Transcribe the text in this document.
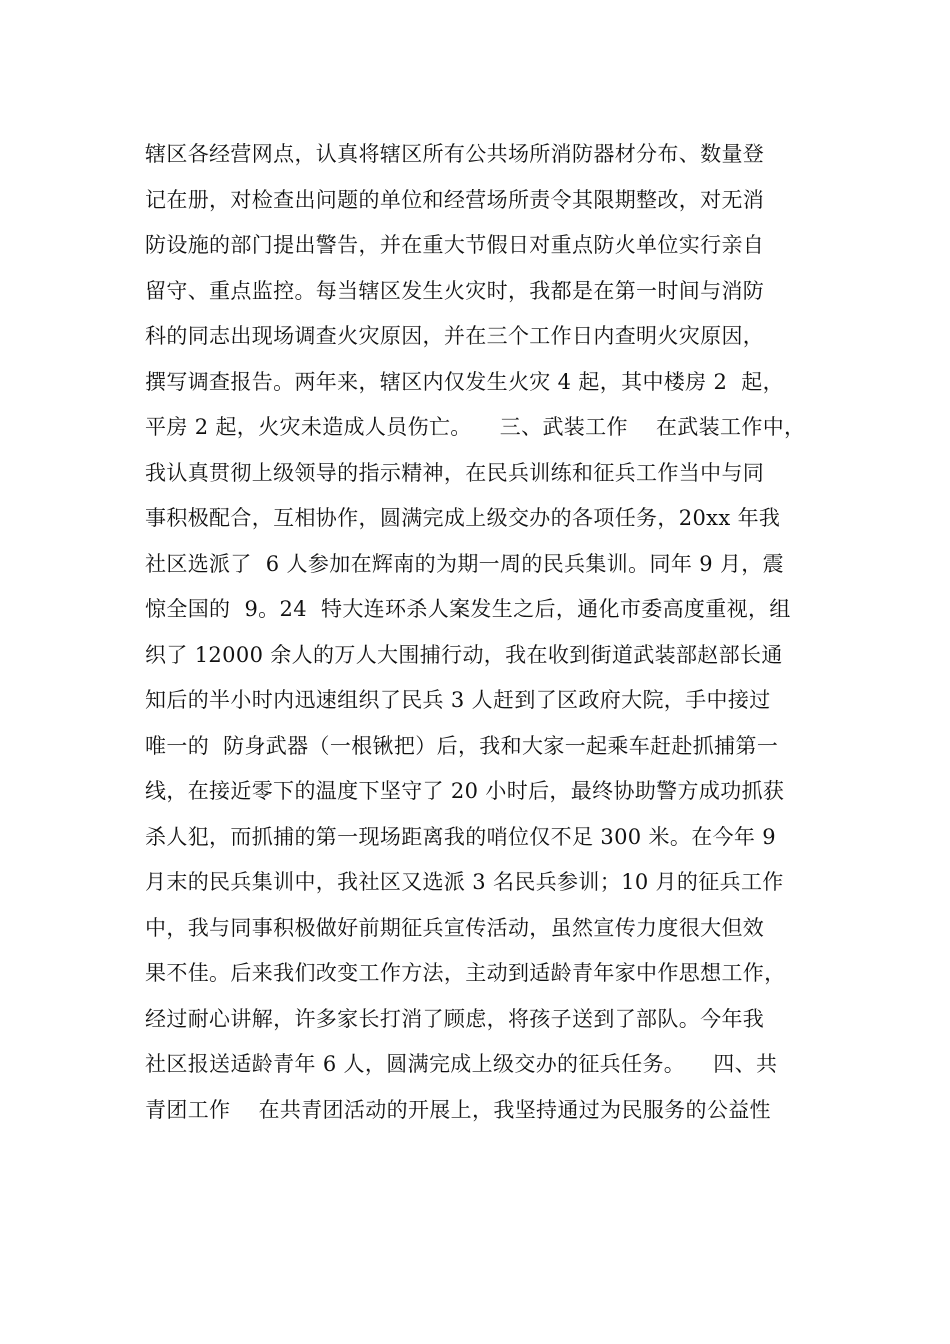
辖区各经营网点，认真将辖区所有公共场所消防器材分布、数量登
记在册，对检查出问题的单位和经营场所责令其限期整改，对无消
防设施的部门提出警告，并在重大节假日对重点防火单位实行亲自
留守、重点监控。每当辖区发生火灾时，我都是在第一时间与消防
科的同志出现场调查火灾原因，并在三个工作日内查明火灾原因，
撰写调查报告。两年来，辖区内仅发生火灾 4 起，其中楼房 2  起，
平房 2 起，火灾未造成人员伤亡。    三、武装工作    在武装工作中，
我认真贯彻上级领导的指示精神，在民兵训练和征兵工作当中与同
事积极配合，互相协作，圆满完成上级交办的各项任务，20xx 年我
社区选派了  6 人参加在辉南的为期一周的民兵集训。同年 9 月，震
惊全国的  9。24  特大连环杀人案发生之后，通化市委高度重视，组
织了 12000 余人的万人大围捕行动，我在收到街道武装部赵部长通
知后的半小时内迅速组织了民兵 3 人赶到了区政府大院，手中接过
唯一的  防身武器（一根锹把）后，我和大家一起乘车赶赴抓捕第一
线，在接近零下的温度下坚守了 20 小时后，最终协助警方成功抓获
杀人犯，而抓捕的第一现场距离我的哨位仅不足 300 米。在今年 9
月末的民兵集训中，我社区又选派 3 名民兵参训；10 月的征兵工作
中，我与同事积极做好前期征兵宣传活动，虽然宣传力度很大但效
果不佳。后来我们改变工作方法，主动到适龄青年家中作思想工作，
经过耐心讲解，许多家长打消了顾虑，将孩子送到了部队。今年我
社区报送适龄青年 6 人，圆满完成上级交办的征兵任务。    四、共
青团工作    在共青团活动的开展上，我坚持通过为民服务的公益性
